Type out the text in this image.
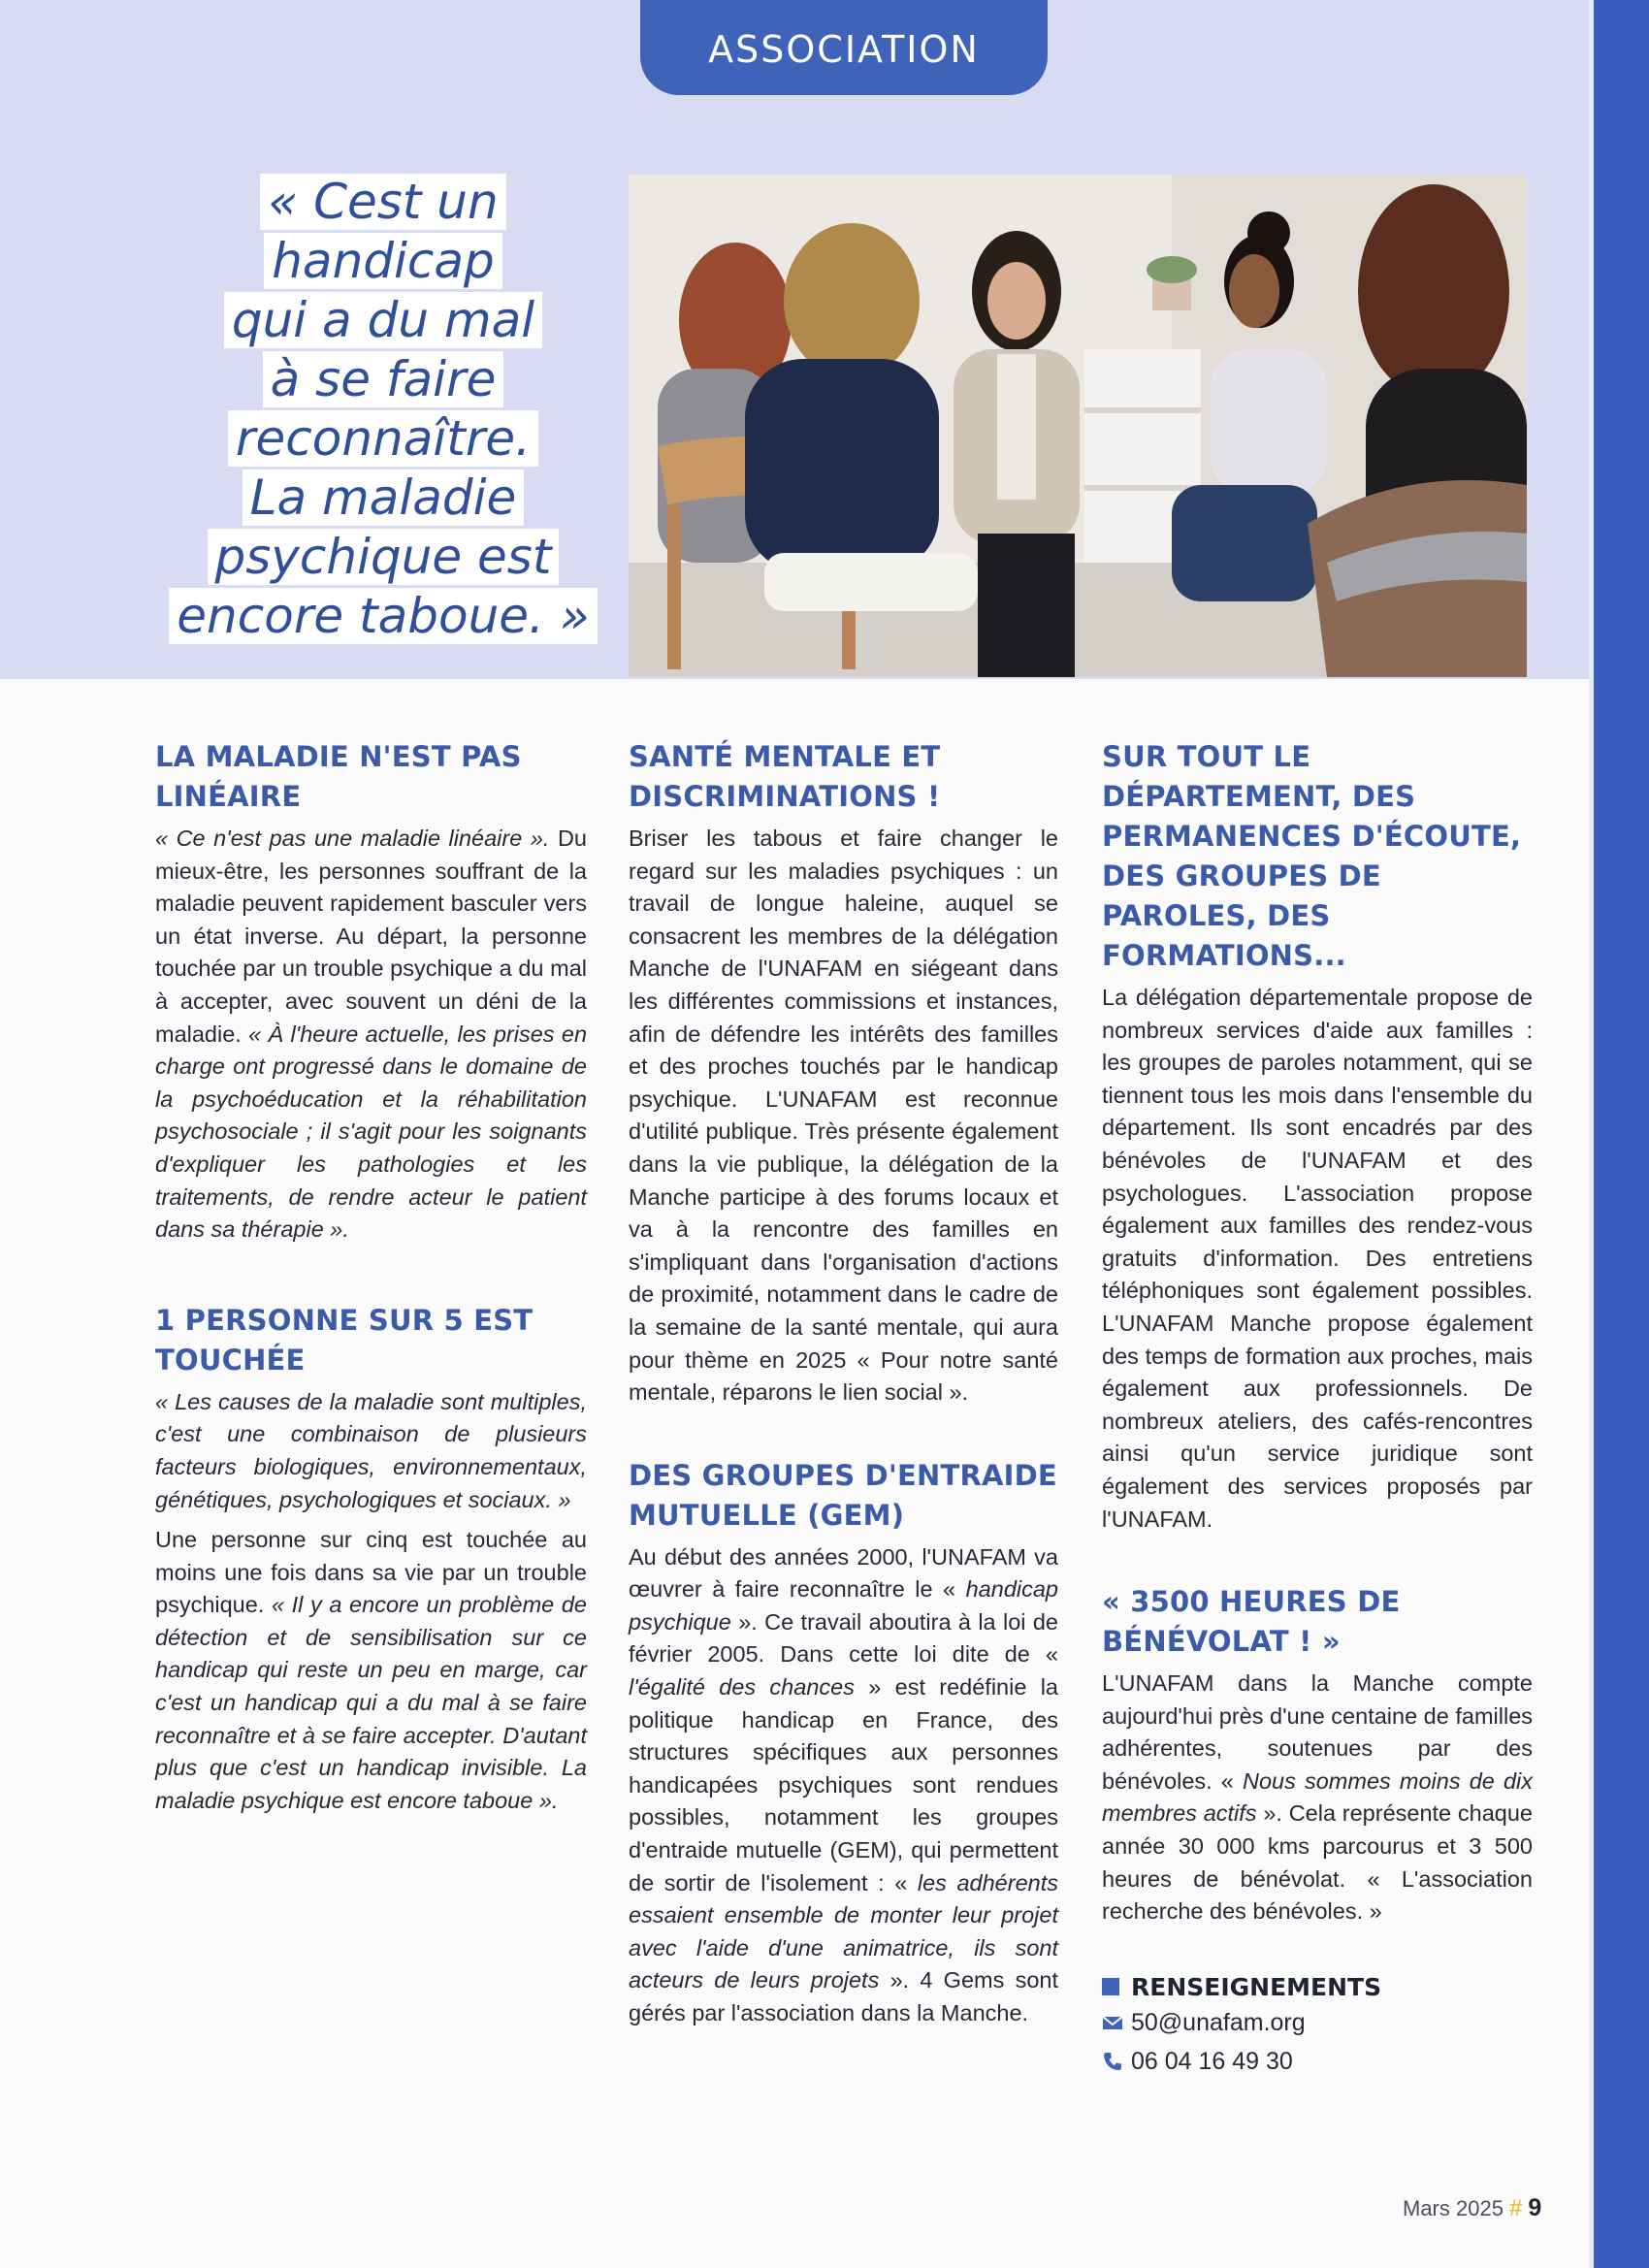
ASSOCIATION
« Cest un handicap
qui a du mal
à se faire
reconnaître.
La maladie
psychique est
encore taboue. »
LA MALADIE N'EST PAS LINÉAIRE

« Ce n'est pas une maladie linéaire ». Du mieux-être, les personnes souffrant de la maladie peuvent rapidement basculer vers un état inverse. Au départ, la personne touchée par un trouble psychique a du mal à accepter, avec souvent un déni de la maladie. « À l'heure actuelle, les prises en charge ont progressé dans le domaine de la psychoéducation et la réhabilitation psychosociale ; il s'agit pour les soignants d'expliquer les pathologies et les traitements, de rendre acteur le patient dans sa thérapie ».

1 PERSONNE SUR 5 EST TOUCHÉE

« Les causes de la maladie sont multiples, c'est une combinaison de plusieurs facteurs biologiques, environnementaux, génétiques, psychologiques et sociaux. »

Une personne sur cinq est touchée au moins une fois dans sa vie par un trouble psychique. « Il y a encore un problème de détection et de sensibilisation sur ce handicap qui reste un peu en marge, car c'est un handicap qui a du mal à se faire reconnaître et à se faire accepter. D'autant plus que c'est un handicap invisible. La maladie psychique est encore taboue ».

SANTÉ MENTALE ET DISCRIMINATIONS !

Briser les tabous et faire changer le regard sur les maladies psychiques : un travail de longue haleine, auquel se consacrent les membres de la délégation Manche de l'UNAFAM en siégeant dans les différentes commissions et instances, afin de défendre les intérêts des familles et des proches touchés par le handicap psychique. L'UNAFAM est reconnue d'utilité publique. Très présente également dans la vie publique, la délégation de la Manche participe à des forums locaux et va à la rencontre des familles en s'impliquant dans l'organisation d'actions de proximité, notamment dans le cadre de la semaine de la santé mentale, qui aura pour thème en 2025 « Pour notre santé mentale, réparons le lien social ».

DES GROUPES D'ENTRAIDE MUTUELLE (GEM)

Au début des années 2000, l'UNAFAM va œuvrer à faire reconnaître le « handicap psychique ». Ce travail aboutira à la loi de février 2005. Dans cette loi dite de « l'égalité des chances » est redéfinie la politique handicap en France, des structures spécifiques aux personnes handicapées psychiques sont rendues possibles, notamment les groupes d'entraide mutuelle (GEM), qui permettent de sortir de l'isolement : « les adhérents essaient ensemble de monter leur projet avec l'aide d'une animatrice, ils sont acteurs de leurs projets ». 4 Gems sont gérés par l'association dans la Manche.

SUR TOUT LE DÉPARTEMENT, DES PERMANENCES D'ÉCOUTE, DES GROUPES DE PAROLES, DES FORMATIONS...

La délégation départementale propose de nombreux services d'aide aux familles : les groupes de paroles notamment, qui se tiennent tous les mois dans l'ensemble du département. Ils sont encadrés par des bénévoles de l'UNAFAM et des psychologues. L'association propose également aux familles des rendez-vous gratuits d'information. Des entretiens téléphoniques sont également possibles. L'UNAFAM Manche propose également des temps de formation aux proches, mais également aux professionnels. De nombreux ateliers, des cafés-rencontres ainsi qu'un service juridique sont également des services proposés par l'UNAFAM.

« 3500 HEURES DE BÉNÉVOLAT ! »

L'UNAFAM dans la Manche compte aujourd'hui près d'une centaine de familles adhérentes, soutenues par des bénévoles. « Nous sommes moins de dix membres actifs ». Cela représente chaque année 30 000 kms parcourus et 3 500 heures de bénévolat. « L'association recherche des bénévoles. »

RENSEIGNEMENTS
50@unafam.org
06 04 16 49 30
Mars 2025 # 9
